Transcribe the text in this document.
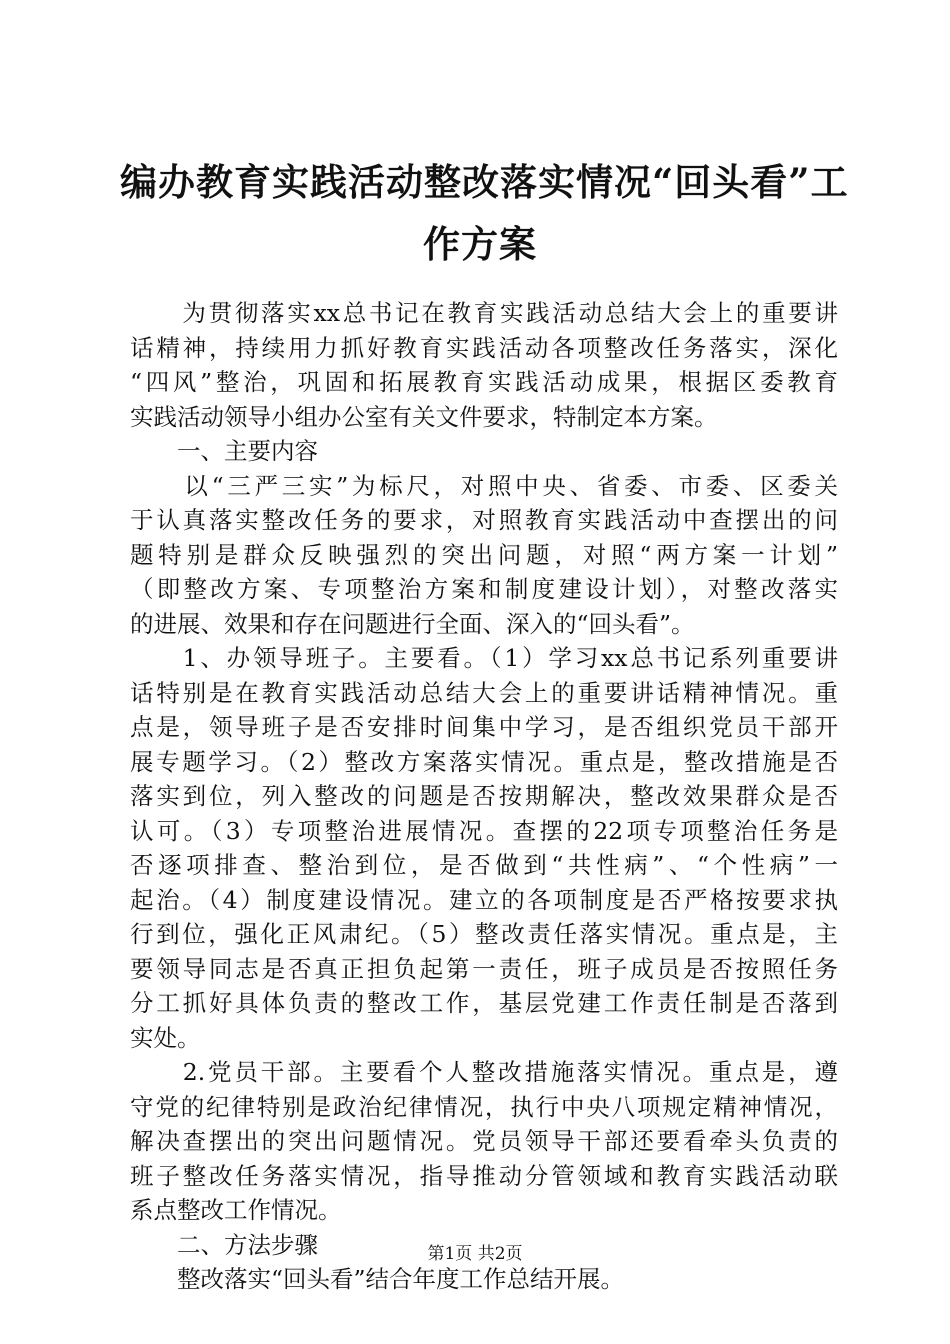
编办教育实践活动整改落实情况“回头看”工
作方案
　　为贯彻落实xx总书记在教育实践活动总结大会上的重要讲
话精神，持续用力抓好教育实践活动各项整改任务落实，深化
“四风”整治，巩固和拓展教育实践活动成果，根据区委教育
实践活动领导小组办公室有关文件要求，特制定本方案。
　　一、主要内容
　　以“三严三实”为标尺，对照中央、省委、市委、区委关
于认真落实整改任务的要求，对照教育实践活动中查摆出的问
题特别是群众反映强烈的突出问题，对照“两方案一计划”
（即整改方案、专项整治方案和制度建设计划），对整改落实
的进展、效果和存在问题进行全面、深入的“回头看”。
　　1、办领导班子。主要看。（1）学习xx总书记系列重要讲
话特别是在教育实践活动总结大会上的重要讲话精神情况。重
点是，领导班子是否安排时间集中学习，是否组织党员干部开
展专题学习。（2）整改方案落实情况。重点是，整改措施是否
落实到位，列入整改的问题是否按期解决，整改效果群众是否
认可。（3）专项整治进展情况。查摆的22项专项整治任务是
否逐项排查、整治到位，是否做到“共性病”、“个性病”一
起治。（4）制度建设情况。建立的各项制度是否严格按要求执
行到位，强化正风肃纪。（5）整改责任落实情况。重点是，主
要领导同志是否真正担负起第一责任，班子成员是否按照任务
分工抓好具体负责的整改工作，基层党建工作责任制是否落到
实处。
　　2.党员干部。主要看个人整改措施落实情况。重点是，遵
守党的纪律特别是政治纪律情况，执行中央八项规定精神情况，
解决查摆出的突出问题情况。党员领导干部还要看牵头负责的
班子整改任务落实情况，指导推动分管领域和教育实践活动联
系点整改工作情况。
　　二、方法步骤
　　整改落实“回头看”结合年度工作总结开展。
第1页 共2页
